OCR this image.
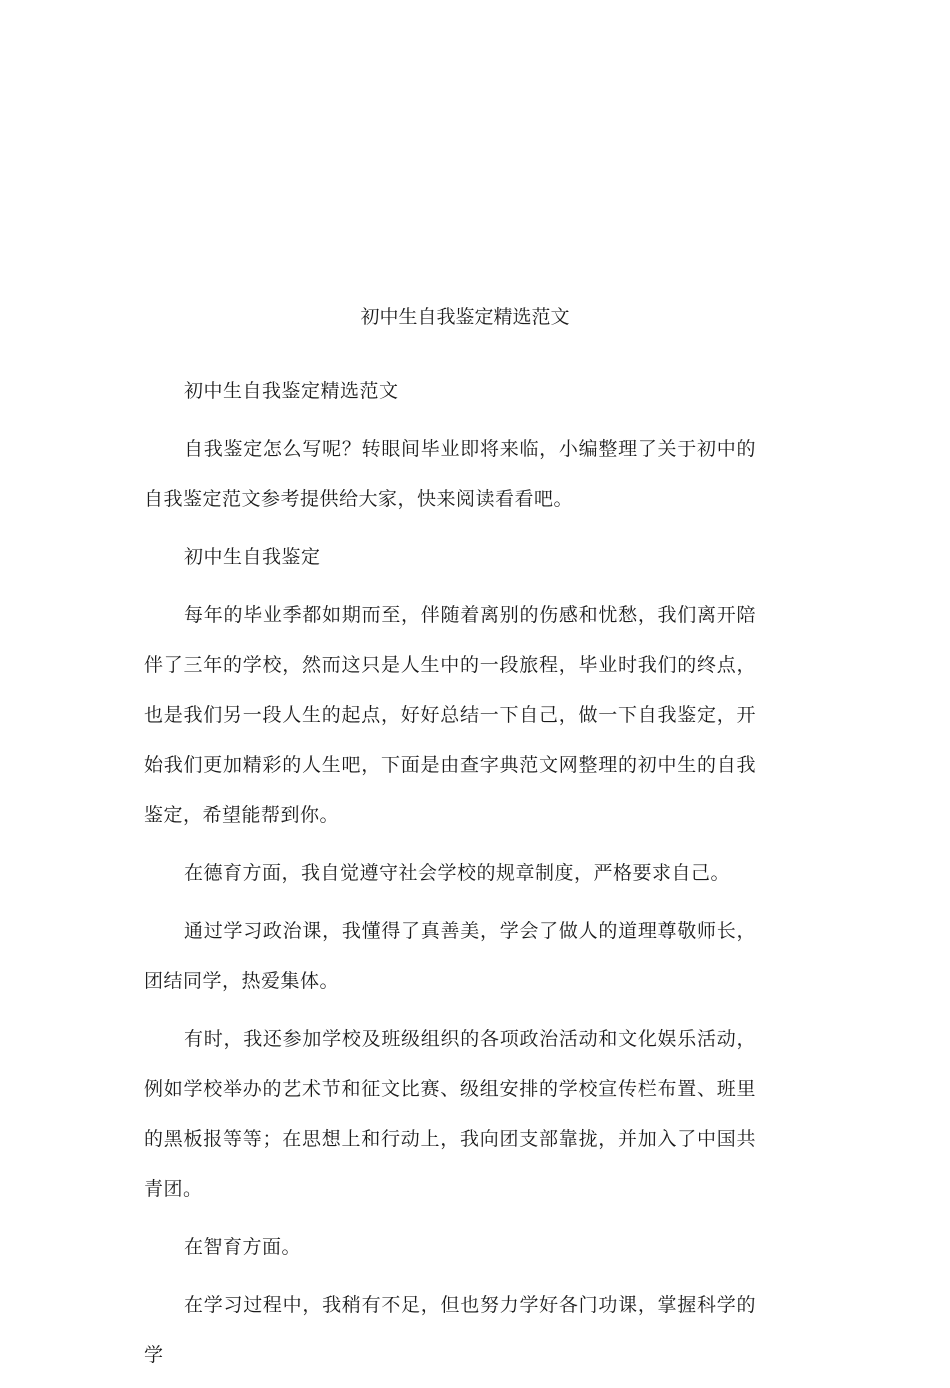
初中生自我鉴定精选范文

初中生自我鉴定精选范文

自我鉴定怎么写呢？转眼间毕业即将来临，小编整理了关于初中的自我鉴定范文参考提供给大家，快来阅读看看吧。

初中生自我鉴定

每年的毕业季都如期而至，伴随着离别的伤感和忧愁，我们离开陪伴了三年的学校，然而这只是人生中的一段旅程，毕业时我们的终点，也是我们另一段人生的起点，好好总结一下自己，做一下自我鉴定，开始我们更加精彩的人生吧，下面是由查字典范文网整理的初中生的自我鉴定，希望能帮到你。

在德育方面，我自觉遵守社会学校的规章制度，严格要求自己。

通过学习政治课，我懂得了真善美，学会了做人的道理尊敬师长，团结同学，热爱集体。

有时，我还参加学校及班级组织的各项政治活动和文化娱乐活动，例如学校举办的艺术节和征文比赛、级组安排的学校宣传栏布置、班里的黑板报等等；在思想上和行动上，我向团支部靠拢，并加入了中国共青团。

在智育方面。

在学习过程中，我稍有不足，但也努力学好各门功课，掌握科学的学
